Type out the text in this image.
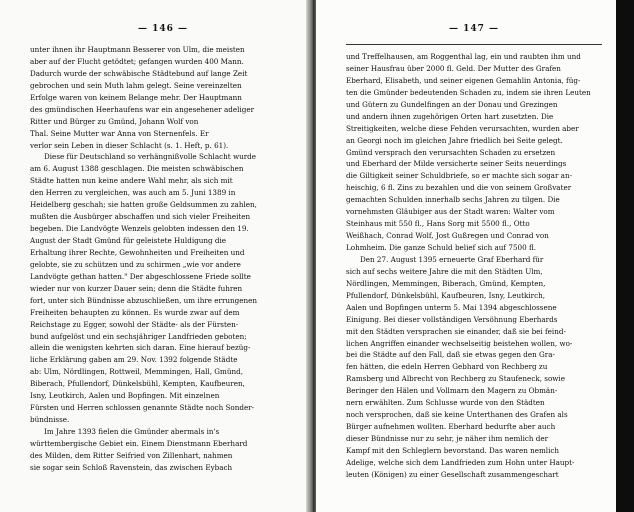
— 146 —
unter ihnen ihr Hauptmann Besserer von Ulm, die meisten
aber auf der Flucht getödtet; gefangen wurden 400 Mann.
Dadurch wurde der schwäbische Städtebund auf lange Zeit
gebrochen und sein Muth lahm gelegt. Seine vereinzelten
Erfolge waren von keinem Belange mehr. Der Hauptmann
des gmündischen Heerhaufens war ein angesehener adeliger
Ritter und Bürger zu Gmünd, Johann Wolf von
Thal. Seine Mutter war Anna von Sternenfels. Er
verlor sein Leben in dieser Schlacht (s. 1. Heft, p. 61).
Diese für Deutschland so verhängnißvolle Schlacht wurde
am 6. August 1388 geschlagen. Die meisten schwäbischen
Städte hatten nun keine andere Wahl mehr, als sich mit
den Herren zu vergleichen, was auch am 5. Juni 1389 in
Heidelberg geschah; sie hatten große Geldsummen zu zahlen,
mußten die Ausbürger abschaffen und sich vieler Freiheiten
begeben. Die Landvögte Wenzels gelobten indessen den 19.
August der Stadt Gmünd für geleistete Huldigung die
Erhaltung ihrer Rechte, Gewohnheiten und Freiheiten und
gelobte, sie zu schützen und zu schirmen „wie vor andere
Landvögte gethan hatten." Der abgeschlossene Friede sollte
wieder nur von kurzer Dauer sein; denn die Städte fuhren
fort, unter sich Bündnisse abzuschließen, um ihre errungenen
Freiheiten behaupten zu können. Es wurde zwar auf dem
Reichstage zu Egger, sowohl der Städte- als der Fürsten-
bund aufgelöst und ein sechsjähriger Landfrieden geboten;
allein die wenigsten kehrten sich daran. Eine hierauf bezüg-
liche Erklärung gaben am 29. Nov. 1392 folgende Städte
ab: Ulm, Nördlingen, Rottweil, Memmingen, Hall, Gmünd,
Biberach, Pfullendorf, Dünkelsbühl, Kempten, Kaufbeuren,
Isny, Leutkirch, Aalen und Bopfingen. Mit einzelnen
Fürsten und Herren schlossen genannte Städte noch Sonder-
bündnisse.
Im Jahre 1393 fielen die Gmünder abermals in's
württembergische Gebiet ein. Einem Dienstmann Eberhard
des Milden, dem Ritter Seifried von Zillenhart, nahmen
sie sogar sein Schloß Ravenstein, das zwischen Eybach
— 147 —
und Treffelhausen, am Roggenthal lag, ein und raubten ihm und
seiner Hausfrau über 2000 fl. Geld. Der Mutter des Grafen
Eberhard, Elisabeth, und seiner eigenen Gemahlin Antonia, füg-
ten die Gmünder bedeutenden Schaden zu, indem sie ihren Leuten
und Gütern zu Gundelfingen an der Donau und Grezingen
und andern ihnen zugehörigen Orten hart zusetzten. Die
Streitigkeiten, welche diese Fehden verursachten, wurden aber
an Georgi noch im gleichen Jahre friedlich bei Seite gelegt.
Gmünd versprach den verursachten Schaden zu ersetzen
und Eberhard der Milde versicherte seiner Seits neuerdings
die Giltigkeit seiner Schuldbriefe, so er machte sich sogar an-
heischig, 6 fl. Zins zu bezahlen und die von seinem Großvater
gemachten Schulden innerhalb sechs Jahren zu tilgen. Die
vornehmsten Gläubiger aus der Stadt waren: Walter vom
Steinhaus mit 550 fl., Hans Sorg mit 5500 fl., Otto
Weißhach, Conrad Wolf, Jost Gußregen und Conrad von
Lohmheim. Die ganze Schuld belief sich auf 7500 fl.
Den 27. August 1395 erneuerte Graf Eberhard für
sich auf sechs weitere Jahre die mit den Städten Ulm,
Nördlingen, Memmingen, Biberach, Gmünd, Kempten,
Pfullendorf, Dünkelsbühl, Kaufbeuren, Isny, Leutkirch,
Aalen und Bopfingen unterm 5. Mai 1394 abgeschlossene
Einigung. Bei dieser vollständigen Versöhnung Eberhards
mit den Städten versprachen sie einander, daß sie bei feind-
lichen Angriffen einander wechselseitig beistehen wollen, wo-
bei die Städte auf den Fall, daß sie etwas gegen den Gra-
fen hätten, die edeln Herren Gebhard von Rechberg zu
Ramsberg und Albrecht von Rechberg zu Staufeneck, sowie
Beringer den Hälen und Vollmarn den Magern zu Obmän-
nern erwählten. Zum Schlusse wurde von den Städten
noch versprochen, daß sie keine Unterthanen des Grafen als
Bürger aufnehmen wollten. Eberhard bedurfte aber auch
dieser Bündnisse nur zu sehr, je näher ihm nemlich der
Kampf mit den Schleglern bevorstand. Das waren nemlich
Adelige, welche sich dem Landfrieden zum Hohn unter Haupt-
leuten (Königen) zu einer Gesellschaft zusammengeschart
